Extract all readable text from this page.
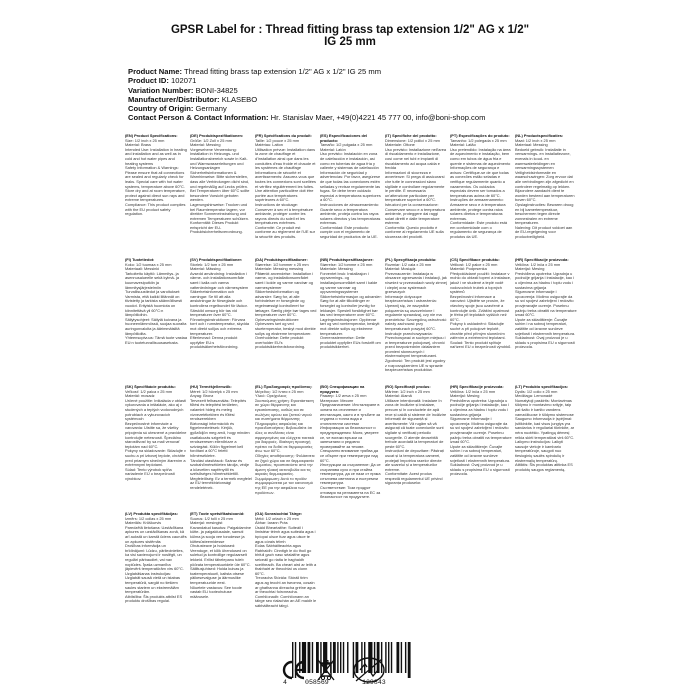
GPSR Label for : Thread fitting brass tap extension 1/2" AG x 1/2"
IG 25 mm
Product Name: Thread fitting brass tap extension 1/2" AG x 1/2" IG 25 mm
Product ID: 102071
Variation Number: BONI-34825
Manufacturer/Distributor: KLASEBO
Country of Origin: Germany
Contact Person & Contact Information: Hr. Stanislav Maer, +49(0)4221 45 777 00, info@boni-shop.com

(EN) Product Specifications:

Size: 1/2 inch x 25 mm

Material: Brass

Intended Use: Installation in heating and installation and as well as in cold and hot water pipes and heating systems

Safety Information & Warnings: Please ensure that all connections are sealed and regularly check for leaks. Special care with hot water systems, temperature above 60°C. Store dry and at room temperature, protect against direct sun rays and extreme temperatures.

Compliance: This product complies with the EU product safety regulation.

(DE) Produktspezifikationen:

Größe: 1/2 Zoll x 25 mm

Material: Messing

Vorgesehene Verwendung: Installation in Heizungs- und Installationsbereich sowie in Kalt- und Warmwasserleitungen und Heizungsanlagen

Sicherheitsinformationen & Warnhinweise: Bitte sicherstellen, dass alle Verbindungen dicht sind, und regelmäßig auf Lecks prüfen. Bei Temperaturen über 60°C sollte besondere Vorsicht geboten werden.

Lagerungshinweise: Trocken und bei Raumtemperatur lagern, vor direkter Sonneneinstrahlung und extremen Temperaturen schützen.

Konformität: Dieses Produkt entspricht der EU-Produktsicherheitsverordnung.

(FR) Spécifications du produit:

Taille: 1/2 pouce x 25 mm

Matériau: Laiton

Utilisation prévue: Installation dans la zone de chauffage et d'installation ainsi que dans les conduites d'eau froide et chaude et les systèmes de chauffage

Informations de sécurité et avertissements: Assurez-vous que toutes les connexions sont scellées et vérifiez régulièrement les fuites. Une attention particulière doit être portée aux températures supérieures à 60°C.

Instructions de stockage: Conserver à sec et à température ambiante, protéger contre les rayons directs du soleil et les températures extrêmes.

Conformité: Ce produit est conforme au règlement de l'UE sur la sécurité des produits.

(ES) Especificaciones del producto:

Tamaño: 1/2 pulgada x 25 mm

Material: Latón

Uso previsto: Instalación en zona de calefacción e instalación, así como en tuberías de agua fría y caliente y sistemas de calefacción

Información de seguridad y advertencias: Por favor, asegúrese de que todas las conexiones estén selladas y revisar regularmente las fugas. Se debe tener cuidado especial a temperaturas superiores a 60°C.

Instrucciones de almacenamiento: Guarde seco a temperatura ambiente, proteja contra los rayos solares directos y las temperaturas extremas.

Conformidad: Este producto cumple con el reglamento de seguridad de productos de la UE.

(IT) Specifiche del prodotto:

Dimensione: 1/2 pollici x 25 mm

Materiale: Ottone

Uso previsto: Installazione nell'area di riscaldamento e installazione, così come nei tubi e impianti di riscaldamento ad acqua calda e fredda

Informazioni di sicurezza e avvertenze: Si prega di assicurarsi che tutte le connessioni siano sigillate e controllare regolarmente le perdite. È necessaria un'attenzione particolare per temperature superiori a 60°C.

Istruzioni per la conservazione: Conservare secco e a temperatura ambiente, proteggere dai raggi solari diretti e dalle temperature estreme.

Conformità: Questo prodotto è conforme al regolamento UE sulla sicurezza dei prodotti.

(PT) Especificações do produto:

Tamanho: 1/2 polegada x 25 mm

Material: Latão

Uso pretendido: Instalação na área de aquecimento e instalação, bem como em tubos de água fria e quente e sistemas de aquecimento

Informações de segurança e avisos: Certifique-se de que todas as conexões estão seladas e verifique regularmente quanto a vazamentos. Os cuidados especiais devem ser tomados a temperaturas acima de 60°C.

Instruções de armazenamento: Armazene seco e à temperatura ambiente, protege contra raios solares diretos e temperaturas extremas.

Conformidade: Este produto está em conformidade com o regulamento de segurança de produtos da UE.

(NL) Productspecificaties:

Maat: 1/2 inch x 25 mm

Materiaal: Messing

Bedoeld gebruik: Installatie in verwarmings- en installatiezone, evenals in koud- en warmwaterleidingen en verwarmingssystemen

Veiligheidsinformatie en waarschuwingen: Zorg ervoor dat alle verbindingen zijn afgedicht en controleer regelmatig op lekken. Bijzondere aandacht dient te worden besteed aan temperaturen boven 60°C.

Opslaginstructies: Bewaren droog en bij kamertemperatuur, beschermen tegen directe zonnestralen en extreme temperaturen.

Naleving: Dit product voldoet aan de EU-regelgeving voor productveiligheid.

(FI) Tuotetiedot:

Koko: 1/2 tuumaa x 25 mm

Materiaali: Messinki

Tarkoitettu käyttö: Lämmitys- ja asennusalueelle sekä kylmä- ja kuumavesiputkiin ja lämmitysjärjestelmiin

Turvallisuustiedot ja varoitukset: Varmista, että kaikki liitännät on tiivistetty ja tarkista säännöllisesti vuodot. Erityistä huomiota on kiinnitettävä yli 60°C:n lämpötiloihin.

Säilytysohjeet: Säilytä kuivana ja huoneenlämmössä, suojaa suoralta auringonvalolta ja äärimmäisiltä lämpötiloilta.

Yhteensopivuus: Tämä tuote vastaa EU:n tuoteturvallisuusasetusta.

(SV) Produktspecifikationer:

Storlek: 1/2 tum x 25 mm

Material: Mässing

Avsedd användning: Installation i värme- och installationsområde samt i kalla och varma vattenledningar och värmesystem

Säkerhetsinformation och varningar: Se till att alla anslutningar är förseglade och kontrollera regelbundet för läckor. Särskild omsorg bör tas vid temperaturer över 60°C.

Förvaringsinstruktioner: Förvara torrt och i rumstemperatur, skydda mot direkt solljus och extrema temperaturer.

Efterlevnad: Denna produkt uppfyller EU:s produktsäkerhetsförordning.

(DA) Produktspecifikationer:

Størrelse: 1/2 tommer x 25 mm

Materiale: Messing messing

Påtænkt anvendelse: Installation i varme- og installationsområdet samt i kolde og varme vandrør og varmesystemer

Sikkerhedsinformation og advarsler: Sørg for, at alle forbindelser er forseglede og regelmæssigt kontrolleret for lækager. Særlig pleje bør tages ved temperaturer over 60°C.

Opbevaringsinstruktioner: Opbevares tørt og ved stuetemperatur, beskyt mod direkte sollys og ekstreme temperaturer.

Overholdelse: Dette produkt overholder EU's produktsikkerhedsforordning.

(NB) Produktspesifikasjoner:

Størrelse: 1/2 tomme x 25 mm

Materiale: Messing

Forventet bruk: Installasjon i oppvarmings- og installasjonsområdet samt i kalde og varme vannrør og oppvarmingssystemer

Sikkerhetsinformasjon og advarsler: Sørg for at alle tilkoblinger er forseglet og kontroller jevnlig for lekkasjer. Spesiell forsiktighet bør tas ved temperaturer over 60°C.

Lagringsinstruksjoner: Oppbevar tørt og ved romtemperatur, beskytt mot direkte sollys og ekstreme temperaturer.

Overensstemmelse: Dette produktet oppfyller EUs forskrift om produktsikkerhet.

(PL) Specyfikacja produktu:

Rozmiar: 1/2 cala x 25 mm

Materiał: Mosiądz

Przeznaczenie: Instalacja w obszarze ogrzewania i instalacji, jak również w przewodach wody zimnej i ciepłej oraz systemach grzewczych

Informacje dotyczące bezpieczeństwa i ostrzeżenia: Upewnij się, że wszystkie połączenia są uszczelnione i regularnie sprawdzaj, czy nie ma przecieków. Szczególną ostrożność należy zachować przy temperaturach powyżej 60°C.

Instrukcje przechowywania: Przechowywać w suchym miejscu i w temperaturze pokojowej, chronić przed bezpośrednim działaniem promieni słonecznych i ekstremalnymi temperaturami.

Zgodność: Ten produkt jest zgodny z rozporządzeniem UE w sprawie bezpieczeństwa produktów.

(CS) Specifikace produktu:

Velikost: 1/2 palce x 25 mm

Materiál: Podprsenka

Předpokládané použití: Instalace v mohlo do oblasti topení a instalace, jakož i ve studené a teplé vodě vodovodních trubek a topných systémů

Bezpečnostní informace a varování: Ujistěte se prosím, že všechny spoje jsou uzavřené a kontrolujte únik. Zvláštní opatrnost je třeba při teplotách vyšších než 60°C.

Pokyny k uskladnění: Skladujte suché a při pokojové teplotě, chraňte před přímým slunečním zářením a extrémními teplotami.

Soulad: Tento produkt splňuje nařízení EU o bezpečnosti výrobků.

(HR) Specifikacije proizvoda:

Veličina: 1/2 inča x 25 mm

Materijal: Mesing

Predviđena upotreba: Ugradnja u područje grijanja i instalacije, kao i u cijevima za hladnu i toplu vodu i sustavima grijanja

Sigurnosne informacije i upozorenja: Molimo osigurajte da su svi spojevi zabrtvljeni i redovito provjeravajte curenje. Posebnu pažnju treba obratiti na temperature iznad 60°C.

Upute za skladištenje: Čuvajte suhim i na sobnoj temperaturi, zaštitite od izravne sunčeve svjetlosti i ekstremnih temperatura.

Sukladnost: Ovaj proizvod je u skladu s propisima EU o sigurnosti proizvoda.

(SK) Špecifikácie produktu:

Veľkosť: 1/2 palca x 25 mm

Materiál: mosadz

Určené použitie: Inštalácia v oblasti vykurovania a inštalácie, ako aj v studených a teplých vodovodných potrubiach a vykurovacích systémoch

Bezpečnostné informácie a varovania: Uistite sa, že všetky pripojenia sú utesnené a pravidelne kontrolujte netesnosti. Špeciálnu starostlivosť by sa mali venovať teplotám nad 60°C.

Pokyny na skladovanie: Skladujte v suchu a pri izbovej teplote, chráňte pred priamym slnečným žiarením a extrémnymi teplotami.

Súlad: Tento výrobok spĺňa nariadenie EÚ o bezpečnosti výrobkov.

(HU) Termékjellemzők:

Méret: 1/2 hüvelyk x 25 mm

Anyag: Bronz

Tervezett felhasználás: Telepítés fűtési és telepítési területen, valamint hideg és meleg vízvezetékekben és fűtési rendszerekben

Biztonsági információk és figyelmeztetések: Kérjük, győződjön meg arról, hogy minden csatlakozás szigetelt és rendszeresen ellenőrizze a szivárgást. Külön figyelmet kell fordítani a 60°C feletti hőmérsékletre.

Tárolási utasítások: Száraz és szobahőmérsékleten tárolja, védje a közvetlen napfénytől és szélsőséges hőmérséklettől.

Megfelelőség: Ez a termék megfelel az EU termékbiztonsági rendeletének.

(EL) Προδιαγραφές προϊόντος:

Μέγεθος: 1/2 ίντσα x 25 mm

Υλικό: Ορείχαλκος

Σκοπούμενη χρήση: Εγκατάσταση σε χώρο θέρμανσης και εγκατάστασης, καθώς και σε σωλήνες κρύου και ζεστού νερού και συστήματα θέρμανσης

Πληροφορίες ασφαλείας και προειδοποιήσεις: Βεβαιωθείτε ότι όλες οι συνδέσεις είναι σφραγισμένες και ελέγχετε τακτικά για διαρροές. Ιδιαίτερη προσοχή πρέπει να δοθεί σε θερμοκρασίες άνω των 60°C.

Οδηγίες αποθήκευσης: Φυλάσσετε σε ξηρό χώρο και σε θερμοκρασία δωματίου, προστατεύστε από την άμεση ηλιακή ακτινοβολία και τις ακραίες θερμοκρασίες.

Συμμόρφωση: Αυτό το προϊόν συμμορφώνεται με τον κανονισμό της ΕΕ για την ασφάλεια των προϊόντων.

(BG) Спецификации на продукта:

Размер: 1/2 инча x 25 mm

Материал: Месинг

Предназначение: Инсталиране в зоната на отопление и инсталация, както и в тръбите за студена и топла вода и отоплителни системи

Информация за безопасност и предупреждения: Моля, уверете се, че всички връзки са запечатани и редовно проверявайте за течове. Специално внимание трябва да се обърне при температури над 60°C.

Инструкции за съхранение: Да се съхранява сухо и при стайна температура, да се пази от пряка слънчева светлина и екстремни температури.

Съответствие: Този продукт отговаря на регламента на ЕС за безопасност на продуктите.

(RO) Specificații produs:

Mărime: 1/2 inch x 25 mm

Material: Alamă

Utilizare intenționată: Instalare în zona de încălzire și instalare, precum și în conductele de apă rece și caldă și sisteme de încălzire

Informații de siguranță și avertismente: Vă rugăm să vă asigurați că toate conexiunile sunt sigilate și verificați periodic scurgerile. O atenție deosebită trebuie acordată la temperaturi de peste 60°C.

Instrucțiuni de depozitare: Păstrați uscat și la temperatura camerei, protejați împotriva razelor directe ale soarelui și a temperaturilor extreme.

Conformitate: Acest produs respectă regulamentul UE privind siguranța produselor.

(HR) Specifikacije proizvoda:

Veličina: 1/2 inča x 25 mm

Materijal: Mesing

Predviđena upotreba: Ugradnja u područje grijanja i instalacije, kao i u cijevima za hladnu i toplu vodu i sustavima grijanja

Sigurnosne informacije i upozorenja: Molimo osigurajte da su svi spojevi zabrtvljeni i redovito provjeravajte curenje. Posebnu pažnju treba obratiti na temperature iznad 60°C.

Upute za skladištenje: Čuvajte suhim i na sobnoj temperaturi, zaštitite od izravne sunčeve svjetlosti i ekstremnih temperatura.

Sukladnost: Ovaj proizvod je u skladu s propisima EU o sigurnosti proizvoda.

(LT) Produkto specifikacijos:

Dydis: 1/2 colio x 25 mm

Medžiaga: Lemonadė

Numatytoji paskirtis: Montavimas šildymo ir montavimo srityje, taip pat šalto ir karšto vandens vamzdžiuose ir šildymo sistemose

Saugumo informacija ir įspėjimai: Įsitikinkite, kad visos jungtys yra sandarios ir reguliariai tikrinkite, ar nėra nuotėkio. Ypatingą dėmesį reikia skirti temperatūrai virš 60°C.

Laikymo instrukcijos: Laikyti sausoje vietoje ir kambario temperatūroje, saugoti nuo tiesioginių saulės spindulių ir ekstremalių temperatūrų.

Atitiktis: Šis produktas atitinka ES produktų saugos reglamentą.

(LV) Produkta specifikācijas:

Izmērs: 1/2 collas x 25 mm

Materiāls: Krūškurvis

Paredzētā lietošana: Uzstādīšana apkures un uzstādīšanas zonā, kā arī aukstā un karstā ūdens caurulēs un apkures sistēmās

Drošības informācija un brīdinājumi: Lūdzu, pārliecinieties, ka visi savienojumi ir noslēgti, un regulāri pārbaudiet, vai nav noplūdes. Īpaša uzmanība jāpievērš temperatūrām virs 60°C.

Uzglabāšanas instrukcijas: Uzglabāt sausā vietā un istabas temperatūrā, sargāt no tiešiem saules stariem un ekstremālām temperatūrām.

Atbilstība: Šis produkts atbilst ES produktu drošības regulai.

(ET) Toote spetsifikatsioonid:

Suurus: 1/2 tolli x 25 mm

Materjal: mesingist

Kavandatud kasutus: Paigaldamine kütte- ja paigaldusalale, samuti külma ja sooja vee torudesse ja küttesüsteemidesse

Ohutusteave ja hoiatused: Veenduge, et kõik ühendused on suletud ja kontrollige regulaarselt lekkeid. Erilist tähelepanu tuleb pöörata temperatuuridele üle 60°C.

Säilitusjuhised: Hoida kuivas ja toatemperatuuril, kaitsta otsese päikesevalguse ja äärmuslike temperatuuride eest.

Nõuetele vastavus: See toode vastab ELi tooteohutuse määrusele.

(GA) Sonraíochtaí Táirge:

Méid: 1/2 orlach x 25 mm

Ábhar: Iarann Prás

Úsáid Bheartaithe: Suiteáil i limistéar téimh agus suiteála agus i bpíopaí uisce fuar agus uisce te agus córais téimh

Eolas Sábháilteachta agus Rabhaidh: Cinntigh le do thoil go bhfuil gach nasc séalaithe agus seiceáil go rialta le haghaidh sceitheadh. Ba cheart aird ar leith a thabhairt ar theochtaí os cionn 60°C.

Treoracha Stórála: Stóráil tirim agus ag teocht an tseomra, cosain ar ghathanna díreacha gréine agus ar theochtaí foircneacha.

Comhlíonadh: Comhlíonann an táirge seo rialachán an AE maidir le sábháilteacht táirgí.

4	058569	129843
